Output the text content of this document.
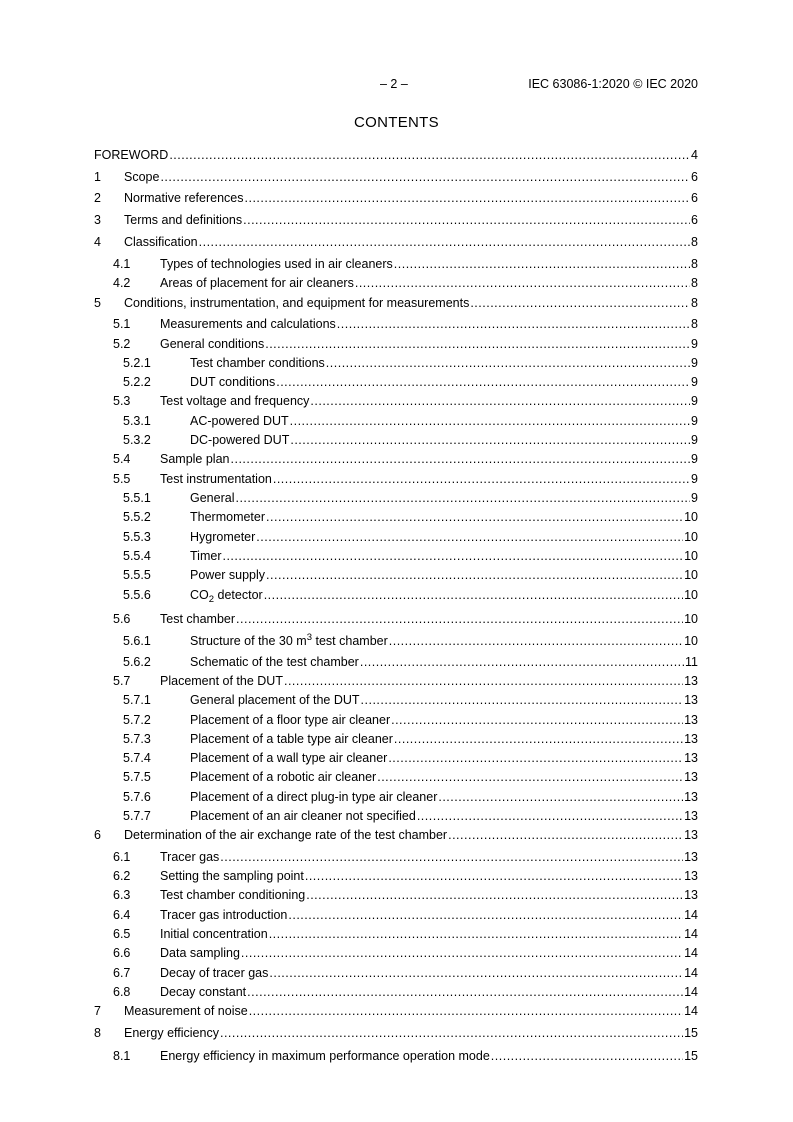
– 2 –	IEC 63086-1:2020 © IEC 2020
CONTENTS
FOREWORD .....	4
1 Scope .....	6
2 Normative references .....	6
3 Terms and definitions .....	6
4 Classification .....	8
4.1 Types of technologies used in air cleaners .....	8
4.2 Areas of placement for air cleaners .....	8
5 Conditions, instrumentation, and equipment for measurements .....	8
5.1 Measurements and calculations .....	8
5.2 General conditions .....	9
5.2.1	Test chamber conditions .....	9
5.2.2	DUT conditions .....	9
5.3 Test voltage and frequency .....	9
5.3.1	AC-powered DUT .....	9
5.3.2	DC-powered DUT .....	9
5.4 Sample plan .....	9
5.5 Test instrumentation .....	9
5.5.1	General .....	9
5.5.2	Thermometer .....	10
5.5.3	Hygrometer .....	10
5.5.4	Timer .....	10
5.5.5	Power supply .....	10
5.5.6	$CO_2$ detector .....	10
5.6 Test chamber .....	10
5.6.1	Structure of the 30 $m^3$ test chamber .....	10
5.6.2	Schematic of the test chamber .....	11
5.7 Placement of the DUT .....	13
5.7.1	General placement of the DUT .....	13
5.7.2	Placement of a floor type air cleaner .....	13
5.7.3	Placement of a table type air cleaner .....	13
5.7.4	Placement of a wall type air cleaner .....	13
5.7.5	Placement of a robotic air cleaner .....	13
5.7.6	Placement of a direct plug-in type air cleaner .....	13
5.7.7	Placement of an air cleaner not specified .....	13
6 Determination of the air exchange rate of the test chamber .....	13
6.1 Tracer gas .....	13
6.2 Setting the sampling point .....	13
6.3 Test chamber conditioning .....	13
6.4 Tracer gas introduction .....	14
6.5 Initial concentration .....	14
6.6 Data sampling .....	14
6.7 Decay of tracer gas .....	14
6.8 Decay constant .....	14
7 Measurement of noise .....	14
8 Energy efficiency .....	15
8.1 Energy efficiency in maximum performance operation mode .....	15
